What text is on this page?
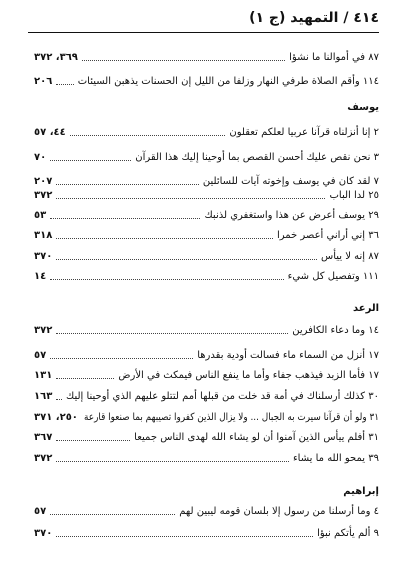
٤١٤ / التمهيد (ج ١)
٨٧ في أموالنا ما نشؤا
٣٦٩، ٣٧٢
١١٤ وأقم الصلاة طرفي النهار وزلفا من الليل إن الحسنات يذهبن السيئات
٢٠٦
يوسف
٢ إنا أنزلناه قرآنا عربيا لعلكم تعقلون
٤٤، ٥٧
٣ نحن نقص عليك أحسن القصص بما أوحينا إليك هذا القرآن
٧٠
٧ لقد كان في يوسف وإخوته آيات للسائلين
٢٠٧
٢٥ لدا الباب
٣٧٢
٢٩ يوسف أعرض عن هذا واستغفري لذنبك
٥٣
٣٦ إني أراني أعصر خمرا
٣١٨
٨٧ إنه لا ييأس
٣٧٠
١١١ وتفصيل كل شيء
١٤
الرعد
١٤ وما دعاء الكافرين
٣٧٢
١٧ أنزل من السماء ماء فسالت أودية بقدرها
٥٧
١٧ فأما الزبد فيذهب جفاء وأما ما ينفع الناس فيمكث في الأرض
١٣١
٣٠ كذلك أرسلناك في أمة قد خلت من قبلها أمم لتتلو عليهم الذي أوحينا إليك
١٦٣
٣١ ولو أن قرآنا سيرت به الجبال ... ولا يزال الذين كفروا تصيبهم بما صنعوا قارعة
٢٥٠، ٣٧١
٣١ أفلم ييأس الذين آمنوا أن لو يشاء الله لهدى الناس جميعا
٣٦٧
٣٩ يمحو الله ما يشاء
٣٧٢
إبراهيم
٤ وما أرسلنا من رسول إلا بلسان قومه ليبين لهم
٥٧
٩ ألم يأتكم نبؤا
٣٧٠
